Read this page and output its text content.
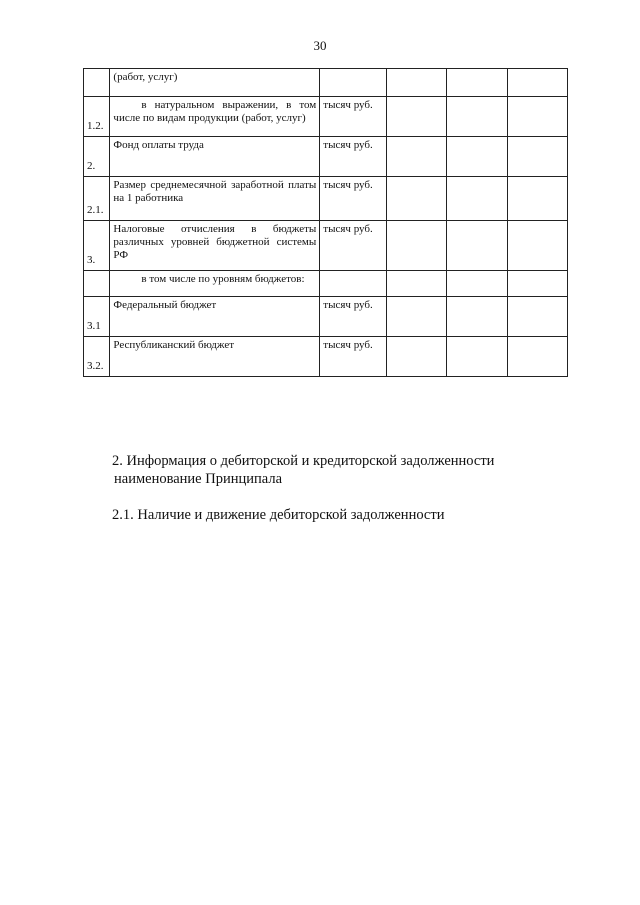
30
	(работ, услуг)				
1.2.	в натуральном выражении, в том числе по видам продукции (работ, услуг)	тысяч руб.			
2.	Фонд оплаты труда	тысяч руб.			
2.1.	Размер среднемесячной заработной платы на 1 работника	тысяч руб.			
3.	Налоговые отчисления в бюджеты различных уровней бюджетной системы РФ	тысяч руб.			
	в том числе по уровням бюджетов:				
3.1	Федеральный бюджет	тысяч руб.			
3.2.	Республиканский бюджет	тысяч руб.			
2. Информация о дебиторской и кредиторской задолженности
наименование Принципала
2.1. Наличие и движение дебиторской задолженности
